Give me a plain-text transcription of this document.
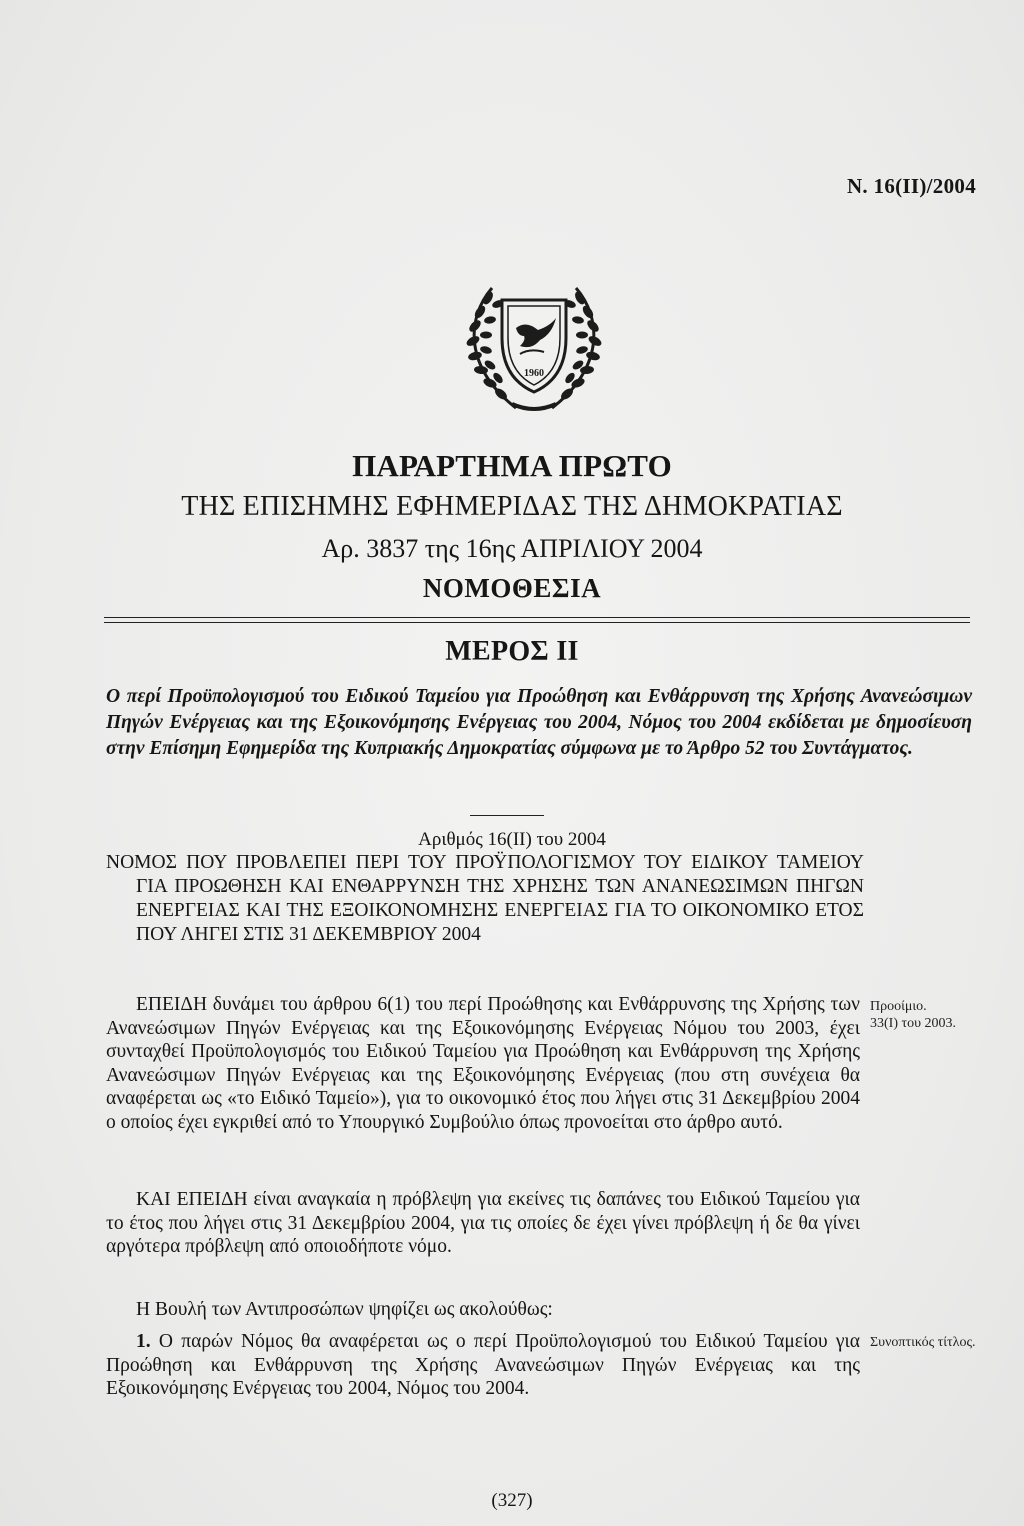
N. 16(II)/2004
1960
ΠΑΡΑΡΤΗΜΑ ΠΡΩΤΟ
ΤΗΣ ΕΠΙΣΗΜΗΣ ΕΦΗΜΕΡΙΔΑΣ ΤΗΣ ΔΗΜΟΚΡΑΤΙΑΣ
Αρ. 3837 της 16ης ΑΠΡΙΛΙΟΥ 2004
ΝΟΜΟΘΕΣΙΑ
ΜΕΡΟΣ ΙΙ
Ο περί Προϋπολογισμού του Ειδικού Ταμείου για Προώθηση και Ενθάρρυνση της Χρήσης Ανανεώσιμων Πηγών Ενέργειας και της Εξοικονόμησης Ενέργειας του 2004, Νόμος του 2004 εκδίδεται με δημοσίευση στην Επίσημη Εφημερίδα της Κυπριακής Δημοκρατίας σύμφωνα με το Άρθρο 52 του Συντάγματος.
Αριθμός 16(ΙΙ) του 2004
ΝΟΜΟΣ ΠΟΥ ΠΡΟΒΛΕΠΕΙ ΠΕΡΙ ΤΟΥ ΠΡΟΫΠΟΛΟΓΙΣΜΟΥ ΤΟΥ ΕΙΔΙΚΟΥ ΤΑΜΕΙΟΥ ΓΙΑ ΠΡΟΩΘΗΣΗ ΚΑΙ ΕΝΘΑΡΡΥΝΣΗ ΤΗΣ ΧΡΗΣΗΣ ΤΩΝ ΑΝΑΝΕΩΣΙΜΩΝ ΠΗΓΩΝ ΕΝΕΡΓΕΙΑΣ ΚΑΙ ΤΗΣ ΕΞΟΙΚΟΝΟΜΗΣΗΣ ΕΝΕΡΓΕΙΑΣ ΓΙΑ ΤΟ ΟΙΚΟΝΟΜΙΚΟ ΕΤΟΣ ΠΟΥ ΛΗΓΕΙ ΣΤΙΣ 31 ΔΕΚΕΜΒΡΙΟΥ 2004
ΕΠΕΙΔΗ δυνάμει του άρθρου 6(1) του περί Προώθησης και Ενθάρρυνσης της Χρήσης των Ανανεώσιμων Πηγών Ενέργειας και της Εξοικονόμησης Ενέργειας Νόμου του 2003, έχει συνταχθεί Προϋπολογισμός του Ειδικού Ταμείου για Προώθηση και Ενθάρρυνση της Χρήσης Ανανεώσιμων Πηγών Ενέργειας και της Εξοικονόμησης Ενέργειας (που στη συνέχεια θα αναφέρεται ως «το Ειδικό Ταμείο»), για το οικονομικό έτος που λήγει στις 31 Δεκεμβρίου 2004 ο οποίος έχει εγκριθεί από το Υπουργικό Συμβούλιο όπως προνοείται στο άρθρο αυτό.
ΚΑΙ ΕΠΕΙΔΗ είναι αναγκαία η πρόβλεψη για εκείνες τις δαπάνες του Ειδικού Ταμείου για το έτος που λήγει στις 31 Δεκεμβρίου 2004, για τις οποίες δε έχει γίνει πρόβλεψη ή δε θα γίνει αργότερα πρόβλεψη από οποιοδήποτε νόμο.
Η Βουλή των Αντιπροσώπων ψηφίζει ως ακολούθως:
1. Ο παρών Νόμος θα αναφέρεται ως ο περί Προϋπολογισμού του Ειδικού Ταμείου για Προώθηση και Ενθάρρυνση της Χρήσης Ανανεώσιμων Πηγών Ενέργειας και της Εξοικονόμησης Ενέργειας του 2004, Νόμος του 2004.
Προοίμιο.
33(Ι) του 2003.
Συνοπτικός τίτλος.
(327)
